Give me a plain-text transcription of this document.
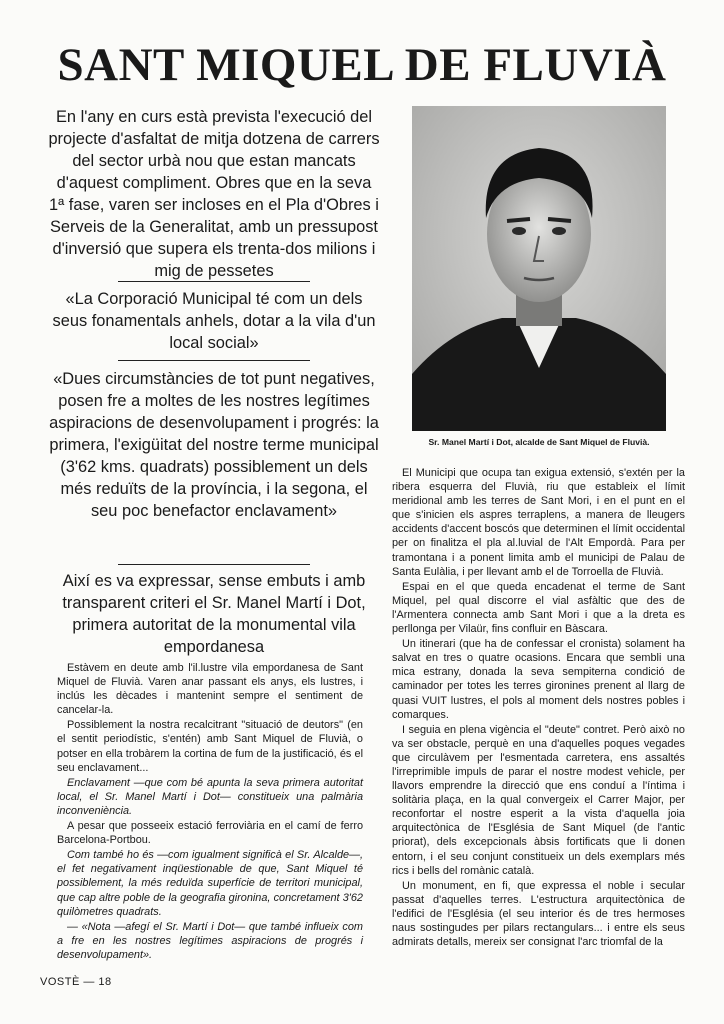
SANT MIQUEL DE FLUVIÀ

En l'any en curs està prevista l'execució del projecte d'asfaltat de mitja dotzena de carrers del sector urbà nou que estan mancats d'aquest compliment. Obres que en la seva 1ª fase, varen ser incloses en el Pla d'Obres i Serveis de la Generalitat, amb un pressupost d'inversió que supera els trenta-dos milions i mig de pessetes

«La Corporació Municipal té com un dels seus fonamentals anhels, dotar a la vila d'un local social»

«Dues circumstàncies de tot punt negatives, posen fre a moltes de les nostres legítimes aspiracions de desenvolupament i progrés: la primera, l'exigüitat del nostre terme municipal (3'62 kms. quadrats) possiblement un dels més reduïts de la província, i la segona, el seu poc benefactor enclavament»

Així es va expressar, sense embuts i amb transparent criteri el Sr. Manel Martí i Dot, primera autoritat de la monumental vila empordanesa

Sr. Manel Martí i Dot, alcalde de Sant Miquel de Fluvià.

Estàvem en deute amb l'il.lustre vila empordanesa de Sant Miquel de Fluvià. Varen anar passant els anys, els lustres, i inclús les dècades i mantenint sempre el sentiment de cancelar-la.

Possiblement la nostra recalcitrant "situació de deutors" (en el sentit periodístic, s'entén) amb Sant Miquel de Fluvià, o potser en ella trobàrem la cortina de fum de la justificació, és el seu enclavament...

Enclavament —que com bé apunta la seva primera autoritat local, el Sr. Manel Martí i Dot— constitueix una palmària inconveniència.

A pesar que posseeix estació ferroviària en el camí de ferro Barcelona-Portbou.

Com també ho és —com igualment significà el Sr. Alcalde—, el fet negativament inqüestionable de que, Sant Miquel té possiblement, la més reduïda superfície de territori municipal, que cap altre poble de la geografia gironina, concretament 3'62 quilòmetres quadrats.

— «Nota —afegí el Sr. Martí i Dot— que també influeix com a fre en les nostres legítimes aspiracions de progrés i desenvolupament».

VOSTÈ — 18

El Municipi que ocupa tan exigua extensió, s'extén per la ribera esquerra del Fluvià, riu que estableix el límit meridional amb les terres de Sant Mori, i en el punt en el que s'inicien els aspres terraplens, a manera de lleugers accidents d'accent boscós que determinen el límit occidental per on finalitza el pla al.luvial de l'Alt Empordà. Para per tramontana i a ponent limita amb el municipi de Palau de Santa Eulàlia, i per llevant amb el de Torroella de Fluvià.

Espai en el que queda encadenat el terme de Sant Miquel, pel qual discorre el vial asfàltic que des de l'Armentera connecta amb Sant Mori i que a la dreta es perllonga per Vilaür, fins confluir en Bàscara.

Un itinerari (que ha de confessar el cronista) solament ha salvat en tres o quatre ocasions. Encara que sembli una mica estrany, donada la seva sempiterna condició de caminador per totes les terres gironines prenent al llarg de quasi VUIT lustres, el pols al moment dels nostres pobles i comarques.

I seguia en plena vigència el "deute" contret. Però això no va ser obstacle, perquè en una d'aquelles poques vegades que circulàvem per l'esmentada carretera, ens assaltés l'irreprimible impuls de parar el nostre modest vehicle, per llavors emprendre la direcció que ens conduí a l'íntima i solitària plaça, en la qual convergeix el Carrer Major, per reconfortar el nostre esperit a la vista d'aquella joia arquitectònica de l'Església de Sant Miquel (de l'antic priorat), dels excepcionals àbsis fortificats que li donen entorn, i el seu conjunt constitueix un dels exemplars més rics i bells del romànic català.

Un monument, en fi, que expressa el noble i secular passat d'aquelles terres. L'estructura arquitectònica de l'edifici de l'Església (el seu interior és de tres hermoses naus sostingudes per pilars rectangulars... i entre els seus admirats detalls, mereix ser consignat l'arc triomfal de la
